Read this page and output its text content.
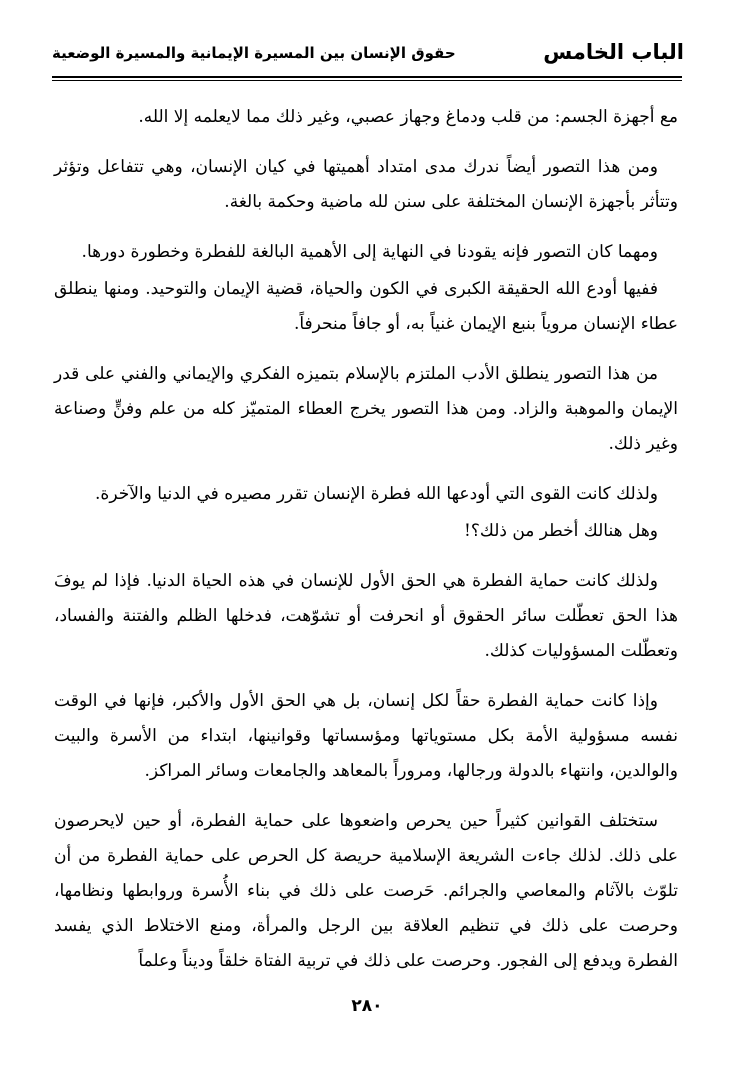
الباب الخامس
حقوق الإنسان بين المسيرة الإيمانية والمسيرة الوضعية

مع أجهزة الجسم: من قلب ودماغ وجهاز عصبي، وغير ذلك مما لايعلمه إلا الله.

ومن هذا التصور أيضاً ندرك مدى امتداد أهميتها في كيان الإنسان، وهي تتفاعل وتؤثر وتتأثر بأجهزة الإنسان المختلفة على سنن لله ماضية وحكمة بالغة.

ومهما كان التصور فإنه يقودنا في النهاية إلى الأهمية البالغة للفطرة وخطورة دورها.

ففيها أودع الله الحقيقة الكبرى في الكون والحياة، قضية الإيمان والتوحيد. ومنها ينطلق عطاء الإنسان مروياً بنبع الإيمان غنياً به، أو جافاً منحرفاً.

من هذا التصور ينطلق الأدب الملتزم بالإسلام بتميزه الفكري والإيماني والفني على قدر الإيمان والموهبة والزاد. ومن هذا التصور يخرج العطاء المتميّز كله من علم وفنٍّ وصناعة وغير ذلك.

ولذلك كانت القوى التي أودعها الله فطرة الإنسان تقرر مصيره في الدنيا والآخرة.

وهل هنالك أخطر من ذلك؟!

ولذلك كانت حماية الفطرة هي الحق الأول للإنسان في هذه الحياة الدنيا. فإذا لم يوفَ هذا الحق تعطّلت سائر الحقوق أو انحرفت أو تشوّهت، فدخلها الظلم والفتنة والفساد، وتعطّلت المسؤوليات كذلك.

وإذا كانت حماية الفطرة حقاً لكل إنسان، بل هي الحق الأول والأكبر، فإنها في الوقت نفسه مسؤولية الأمة بكل مستوياتها ومؤسساتها وقوانينها، ابتداء من الأسرة والبيت والوالدين، وانتهاء بالدولة ورجالها، ومروراً بالمعاهد والجامعات وسائر المراكز.

ستختلف القوانين كثيراً حين يحرص واضعوها على حماية الفطرة، أو حين لايحرصون على ذلك. لذلك جاءت الشريعة الإسلامية حريصة كل الحرص على حماية الفطرة من أن تلوّث بالآثام والمعاصي والجرائم. حَرصت على ذلك في بناء الأُسرة وروابطها ونظامها، وحرصت على ذلك في تنظيم العلاقة بين الرجل والمرأة، ومنع الاختلاط الذي يفسد الفطرة ويدفع إلى الفجور. وحرصت على ذلك في تربية الفتاة خلقاً وديناً وعلماً

٢٨٠
